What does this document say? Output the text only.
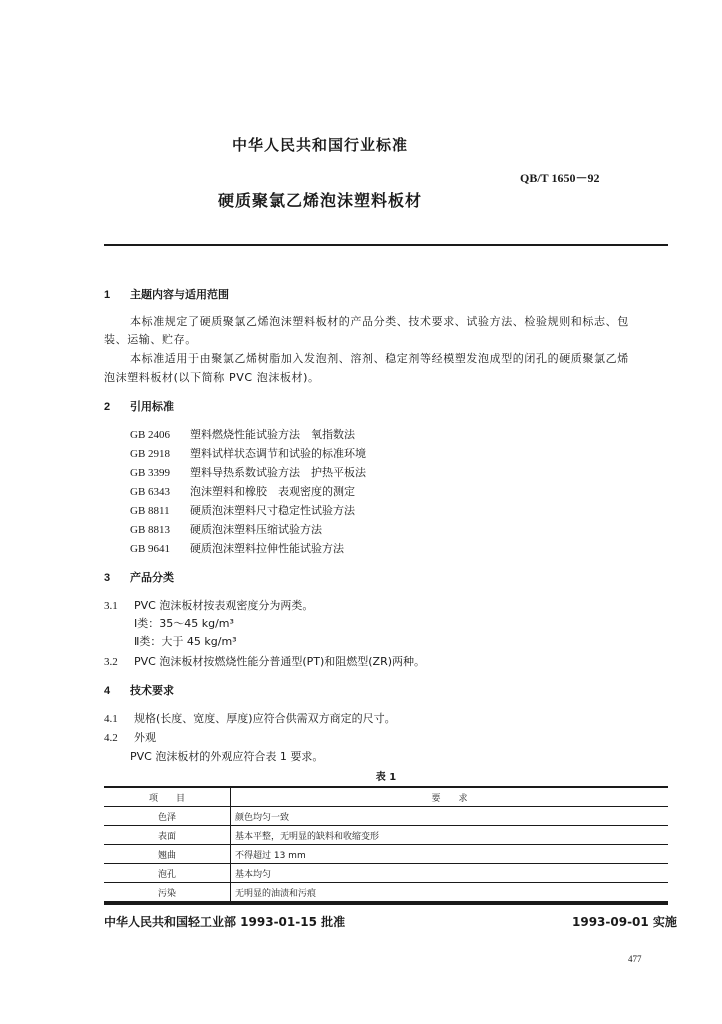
中华人民共和国行业标准
QB/T 1650－92
硬质聚氯乙烯泡沫塑料板材
1 主题内容与适用范围
本标准规定了硬质聚氯乙烯泡沫塑料板材的产品分类、技术要求、试验方法、检验规则和标志、包
装、运输、贮存。
本标准适用于由聚氯乙烯树脂加入发泡剂、溶剂、稳定剂等经模塑发泡成型的闭孔的硬质聚氯乙烯
泡沫塑料板材(以下简称 PVC 泡沫板材)。
2 引用标准
GB 2406 塑料燃烧性能试验方法　氧指数法
GB 2918 塑料试样状态调节和试验的标准环境
GB 3399 塑料导热系数试验方法　护热平板法
GB 6343 泡沫塑料和橡胶　表观密度的测定
GB 8811 硬质泡沫塑料尺寸稳定性试验方法
GB 8813 硬质泡沫塑料压缩试验方法
GB 9641 硬质泡沫塑料拉伸性能试验方法
3 产品分类
3.1 PVC 泡沫板材按表观密度分为两类。
Ⅰ类：35～45 kg/m³
Ⅱ类：大于 45 kg/m³
3.2 PVC 泡沫板材按燃烧性能分普通型(PT)和阻燃型(ZR)两种。
4 技术要求
4.1 规格(长度、宽度、厚度)应符合供需双方商定的尺寸。
4.2 外观
PVC 泡沫板材的外观应符合表 1 要求。
表 1
项　　目	要　　求
色泽	颜色均匀一致
表面	基本平整，无明显的缺料和收缩变形
翘曲	不得超过 13 mm
泡孔	基本均匀
污染	无明显的油渍和污痕
中华人民共和国轻工业部 1993-01-15 批准	1993-09-01 实施
477
